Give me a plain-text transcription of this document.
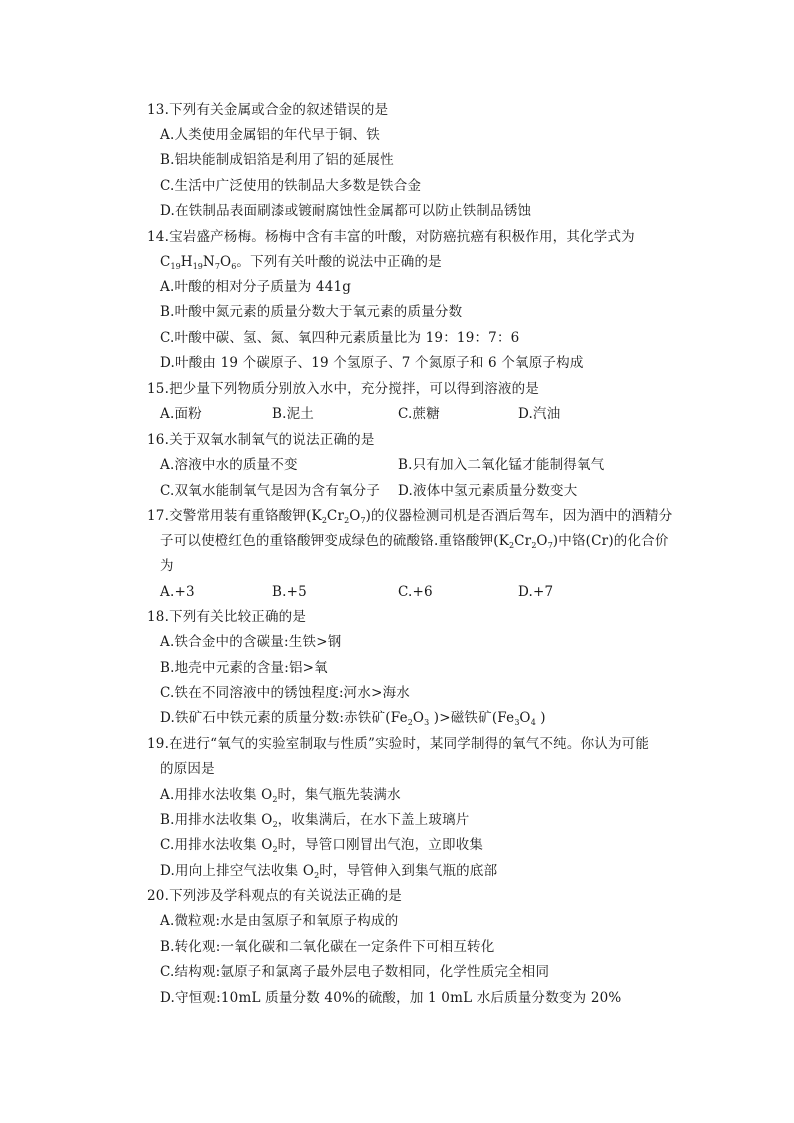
13.下列有关金属或合金的叙述错误的是
A.人类使用金属铝的年代早于铜、铁
B.铝块能制成铝箔是利用了铝的延展性
C.生活中广泛使用的铁制品大多数是铁合金
D.在铁制品表面刷漆或镀耐腐蚀性金属都可以防止铁制品锈蚀
14.宝岩盛产杨梅。杨梅中含有丰富的叶酸，对防癌抗癌有积极作用，其化学式为
$C_{19}H_{19}N_7O_6$。下列有关叶酸的说法中正确的是
A.叶酸的相对分子质量为 441g
B.叶酸中氮元素的质量分数大于氧元素的质量分数
C.叶酸中碳、氢、氮、氧四种元素质量比为 19：19：7：6
D.叶酸由 19 个碳原子、19 个氢原子、7 个氮原子和 6 个氧原子构成
15.把少量下列物质分别放入水中，充分搅拌，可以得到溶液的是
A.面粉	B.泥土	C.蔗糖	D.汽油
16.关于双氧水制氧气的说法正确的是
A.溶液中水的质量不变	B.只有加入二氧化锰才能制得氧气
C.双氧水能制氧气是因为含有氧分子 D.液体中氢元素质量分数变大
17.交警常用装有重铬酸钾$(K_2Cr_2O_7)$的仪器检测司机是否酒后驾车，因为酒中的酒精分
子可以使橙红色的重铬酸钾变成绿色的硫酸铬.重铬酸钾$(K_2Cr_2O_7)$中铬(Cr)的化合价
为
A.+3	B.+5	C.+6	D.+7
18.下列有关比较正确的是
A.铁合金中的含碳量:生铁>钢
B.地壳中元素的含量:铝>氧
C.铁在不同溶液中的锈蚀程度:河水>海水
D.铁矿石中铁元素的质量分数:赤铁矿($Fe_2O_3$ )>磁铁矿($Fe_3O_4$ )
19.在进行“氧气的实验室制取与性质”实验时，某同学制得的氧气不纯。你认为可能
的原因是
A.用排水法收集 $O_2$时，集气瓶先装满水
B.用排水法收集 $O_2$，收集满后，在水下盖上玻璃片
C.用排水法收集 $O_2$时，导管口刚冒出气泡，立即收集
D.用向上排空气法收集 $O_2$时，导管伸入到集气瓶的底部
20.下列涉及学科观点的有关说法正确的是
A.微粒观:水是由氢原子和氧原子构成的
B.转化观:一氧化碳和二氧化碳在一定条件下可相互转化
C.结构观:氩原子和氯离子最外层电子数相同，化学性质完全相同
D.守恒观:10mL 质量分数 40%的硫酸，加 1 0mL 水后质量分数变为 20%
